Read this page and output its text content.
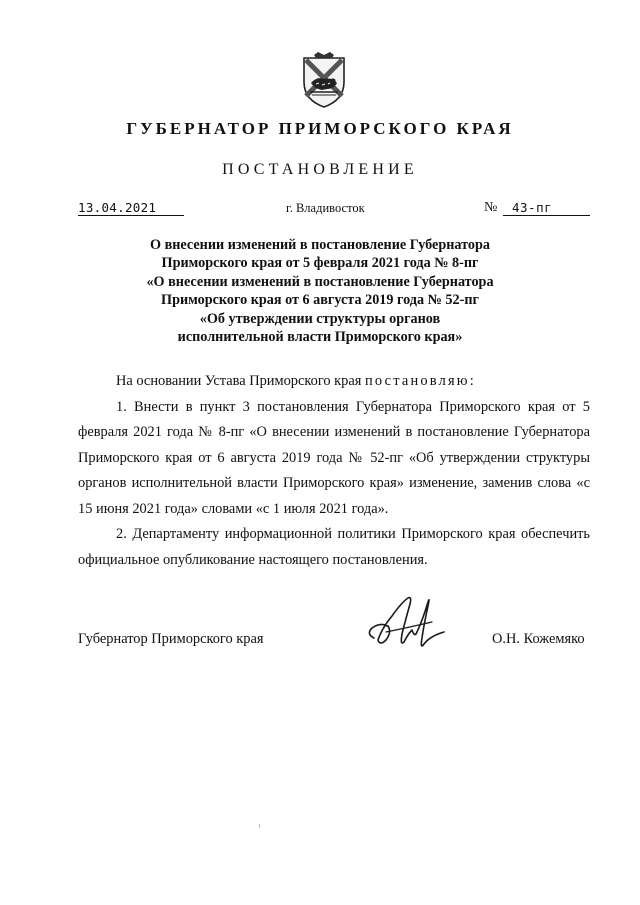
ГУБЕРНАТОР ПРИМОРСКОГО КРАЯ
ПОСТАНОВЛЕНИЕ
13.04.2021	г. Владивосток	№ 43-пг
О внесении изменений в постановление Губернатора
Приморского края от 5 февраля 2021 года № 8-пг
«О внесении изменений в постановление Губернатора
Приморского края от 6 августа 2019 года № 52-пг
«Об утверждении структуры органов
исполнительной власти Приморского края»

На основании Устава Приморского края постановляю:

1. Внести в пункт 3 постановления Губернатора Приморского края от 5 февраля 2021 года № 8-пг «О внесении изменений в постановление Губернатора Приморского края от 6 августа 2019 года № 52-пг «Об утверждении структуры органов исполнительной власти Приморского края» изменение, заменив слова «с 15 июня 2021 года» словами «с 1 июля 2021 года».

2. Департаменту информационной политики Приморского края обеспечить официальное опубликование настоящего постановления.

Губернатор Приморского края	О.Н. Кожемяко
